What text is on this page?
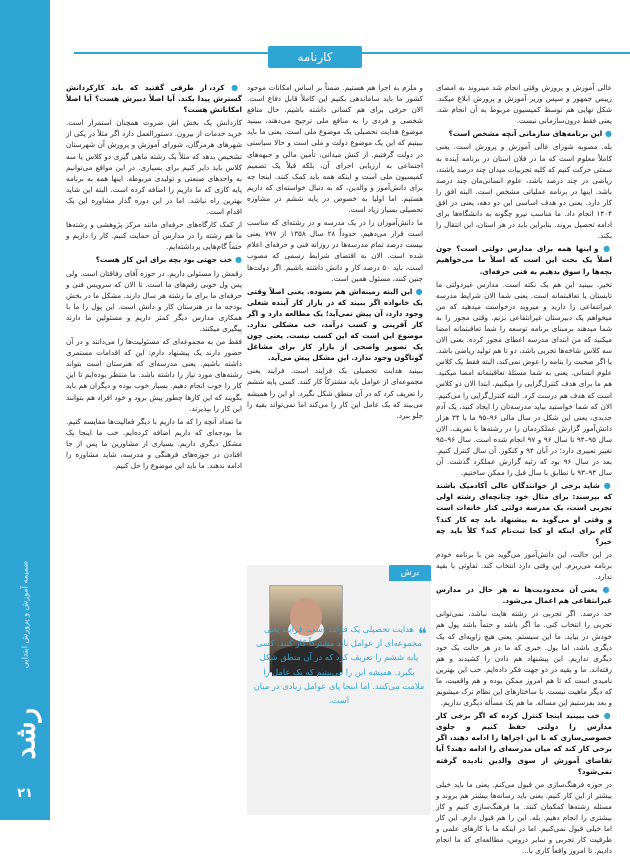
ضمیمه آموزش و پرورش ابتدایی
رشد
۲۱
کارنامه

عالی آموزش و پرورش وقتی انجام شد مینروند به امضای رییس جمهور و سپس وزیر آموزش و پرورش ابلاغ میکند. شکل نهایی هم توسط کمیسیون مربوط به آن انجام شد. یعنی فقط درون‌سازمانی نیست.

● این برنامه‌های سازمانی آنچه مشخص است؟

بله. مصوبه شورای عالی آموزش و پرورش است. یعنی کاملاً معلوم است که ما در فلان استان در برنامه آینده به سمتی حرکت کنیم که کلیه تجربیات میدان چند درصد باشند، ریاضی در چند درصد باشد، علوم انسانی‌مان چند درصد باشد. اینها در برنامه عملیاتی مشخص است. البته افق را کار دارد. یعنی دو هدف اساسی این دو دهه، یعنی در افق ۱۴۰۴ انجام داد. ما مناسب نیرو چگونه به دانشگاه‌ها برای ادامه تحصیل بروند. بنابراین باید در هر استان، این انتقال را بکند.

● و اینها همه برای مدارس دولتی است؟ چون اصلاً یک بحث این است که اصلاً ما می‌خواهیم بچه‌ها را سوق بدهیم به فنی حرفه‌ای.

تخیر. ببینید این هم یک نکته است. مدارس غیردولتی ما تابستان یا تعاقبتمانه است. یعنی شما الان شرایط مدرسه غیرانتفاعی را دارید و میروید درخواست میدهید که من میخواهم یک دبیرستان غیرانتفاعی بزنم. وقتی مجوز را به شما میدهند برمبنای برنامه توسعه را شما تعاقبتمانه امضا میکنید که من ابتدای مدرسه اعطای مجوز کرده. یعنی الان سه کلاس شاخه‌ها تجربی باشد، دو تا هم تولید ریاضی باشد. یا اگر صحبت را بنامه را عوض نمی‌کند، البته فقط یک کلاس علوم انسانی. یعنی به شما مسئلهٔ تعاقبتمانه امضا میکنید. هم ما برای هدف کنترل‌گرایی را میکنیم. ابتدا الان دو کلاس است که هدف هم درست کرد. البته کنترل‌گرایی را می‌کنیم. الان که شما خواستید بیاید مدرسه‌تان را ایجاد کنید، یک آدم جدیدی، یعنی این شکل در سال مالی ۹۶–۹۵ ما با ۳۴ هزار دانش‌آموز گزارش عملکردمان را در رشته‌ها با تعریف. الان سال ۹۵–۹۴ تا سال ۹۶ و ۹۷ انجام شده است. سال ۹۶–۹۵ تغییر تعبیری دارد؛ در آبان ۹۴ و کنکور. آن سال کنترل کنیم. بعد در سال ۹۶ بود که رتبه گزارش عملکرد گذشت. آن سال ۹۴–۹۳ با تطابق با سال قبل را ممکن ساختیم.

● شاید برخی از خوانندگان عالی آکادمیک باشند که بپرسند: برای مثال خود چنانچه‌ای رشته اولی تجربی است، یک مدرسه دولتی کنار خانه‌ات است و وقتی او می‌گوید به پیشنهاد باید چه کار کند؟ گام برای اینکه او کجا ثبت‌نام کند؟ کلاً باید چه خبر؟

در این حالت، این دانش‌آموز می‌گوید من با برنامه خودم برنامه می‌ریزم. این وقتی دارد انتخاب کند. تفاوتی با بقیه ندارد.

● یعنی آن محدودیت‌ها نه هر حال در مدارس غیرانتفاعی هم اعمال می‌شود.

حد درصد. اگر تجربی در رشته هایت نباشد، نمی‌توانی تجربی را انتخاب کنی. ما اگر باشد و حتماً باشد پول هم خودش در بیاید. ما این سیستم. یعنی هیچ زاویه‌ای که یک دیگری باشد، اما یول. خبری که ما در هر حالت یک خود دیگری نداریم. این پیشنهاد هم دادن را کشیدند و هم رفته‌اند. ما و بقیه در دو جهت فکر داده‌ایم. خب این بهترین نامیدی است که تا هم امروز ممکن بوده و هم واقعیت، ما که دیگر ماهیت نیست. با ساختارهای این نظام ترک میشویم و بعد بفرستیم این مساله. ما هم یک مسأله دیگری نداریم.

● خب ببینید اینجا کنترل کرده که اگر برخی کار مدارس را دولتی حفظ کنیم و جلوی خصوصی‌سازی که با این اجراها را ادامه دهند، اگر برخی کار کند که میان مدرسه‌ای را ادامه دهند؟ آیا تقاضای آموزش از سوی والدین نادیده گرفته نمی‌شود؟

در حوزه فرهنگ‌سازی من قبول می‌کنم. یعنی ما باید خیلی بیشتر از این کار کنیم. یعنی باید رسانه‌ها بیشتر هم بروند و مسئله رشته‌ها کمکمان کنند. ما فرهنگ‌سازی کنیم و کار بیشتری را انجام دهیم. بله. این را هم قبول دارم. این کار اما خیلی قبول نمی‌کنیم. اما در اینکه ما با کارهای علمی و ظرفیت کار تجربی و سایر دروس، مطالعه‌ای که ما انجام دادیم. تا امروز واقعاً کاری با...

و ملزم به اجرا هم هستیم. ضمناً بر اساس امکانات موجود کشور ما باید ساماندهی بکنیم این کاملاً قابل دفاع است. الان حرفی برای هم کسانی داشته باشیم. حال منافع شخصی و فردی را به منافع ملی ترجیح می‌دهند، ببینید موضوع هدایت تحصیلی یک موضوع ملی است. یعنی ما باید ببینیم که این یک موضوع دولت و ملی است و حالا سیاستی در دولت گرفتیم. از کنش میدانی، تأمین مالی و جبهه‌های اجتماعی به ارزیابی اجرای آن، بلکه قبلاً یک تصمیم کمیسیون ملی است و اینکه همه باید کمک کنند. اینجا چه برای دانش‌آموز و والدین، که به دنبال خواسته‌ای که داریم هستیم. اما اولیا به خصوص در پایه ششم در مشاوره تحصیلی بسیار زیاد است.

ما دانش‌آموزان را در یک مدرسه و در رشته‌ای که مناسب است قرار می‌دهیم. حدوداً ۲۸ سال ۱۳۵۸ از ۷۹۷ یعنی بیست درصد تمام مدرسه‌ها در روزانه فنی و حرفه‌ای اعلام شده است. الان به اقتضای شرایط رسمی که مصوب است، باید ۵۰ درصد کار و دانش داشته باشیم. اگر دولت‌ها چنین کنند، مسئول همین است.

● این البته زمینه‌اش هم بسوده. یعنی اصلاً وقتی یک خانواده اگر ببیند که در بازار کار آینده شغلی وجود دارد، آن پیش نمی‌آید؛ یک مطالعه دارد و اگر کار آفرینی و کسب درآمد، خب مشکلی ندارد. موضوع این است که این کسب نیست. یعنی چون یک تصویر واضحی از بازار کار برای مشاغل گوناگون وجود ندارد. این مشکل پیش می‌آید.

ببینید هدایت تحصیلی یک فرایند است. فرایند یعنی مجموعه‌ای از عوامل باید مشترکاً کار کنند. کسی پایه ششم را تعریف کرد که در آن منطق شکل بگیرد. او این را همیشه می‌بیند که یک عامل این کار را می‌کند اما نمی‌تواند بقیه را جلو ببرد.

● کرد، از طرفی گفتید که باید کارکردانش گسترش پیدا بکند. آیا اصلاً دبیرش هست؟ آیا اصلاً امکاناتش هست؟

کاردانش یک بخش اش ضروت همچنان استمرار است. خرید خدمات از بیرون. دستورالعمل دارد اگر مثلاً در یکی از شهرهای هرمزگان، شورای آموزش و پرورش آن شهرستان تشخیص بدهد که مثلاً یک رشته ماهی گیری دو کلاس یا سه کلاس باید دایر کنیم برای بسیاری. در این مواقع می‌توانیم به واحدهای صنعتی و تولیدی مربوطه. اینها همه به برنامه پایه کاری که ما داریم را اضافه کرده است. البته این شاید بهترین راه نباشد. اما در این دوره گذار مشاوره این یک اقدام است.

از کمک کارگاه‌های حرفه‌ای مانند مرکز پژوهشی و رشته‌ها ما هم رشته را در مدارس آن حمایت کنیم. کار را داریم و حتماً گام‌هایی برداشته‌ایم.

● خب جهتی بود بچه برای این کار هست؟

رقمش را مسئولی داریم. در حوزه آفای رفاقتان است. ولی پس ول خوبی رقم‌های ما است. تا الان که سرویس فنی و حرفه‌ای ما برای ما رشته هر سال دارند. مشکل ما در بخش بودجه ما در هنرستان کار و دانش است. این پول را ما با همکاری مدارس دیگر کمتر داریم و مسئولین ما دارند پیگیری میکنند.

فقط من به مجموعه‌ای که مسئولیت‌ها را می‌دانند و در آن حضور دارند یک پیشنهاد دارم: این که اقدامات مستمری داشته باشیم. یعنی مدرسه‌ای که هنرستان است بتواند رشته‌های مورد نیاز را داشته باشد. ما منتظر بوده‌ایم تا این کار را خوب انجام دهیم. بسیار خوب بوده و دیگران هم باید بگویند که این کارها چطور پیش برود و خود افراد هم بتوانند این کار را بپذیرند.

ما تعداد آنچه را که ما داریم با دیگر فعالیت‌ها مقایسه کنیم. ما بودجه‌ای که داریم اضافه کرده‌ایم. خب ما اینجا یک مشکل دیگری داریم. بسیاری از مشاورین ما پس از جا افتادن در حوزه‌های فرهنگی و مدرسه، شاید مشاوره را ادامه ندهند. ما باید این موضوع را حل کنیم.

برش
❝
هدایت تحصیلی یک فرایند است. فرایند یعنی مجموعه‌ای از عوامل باید مشترکاً کار کنند. کسی پایه ششم را تعریف کرد که در آن منطق شکل بگیرد. همیشه این را می‌بینیم که یک عامل را ملامت می‌کنند. اما اینجا پای عوامل زیادی در میان است.
